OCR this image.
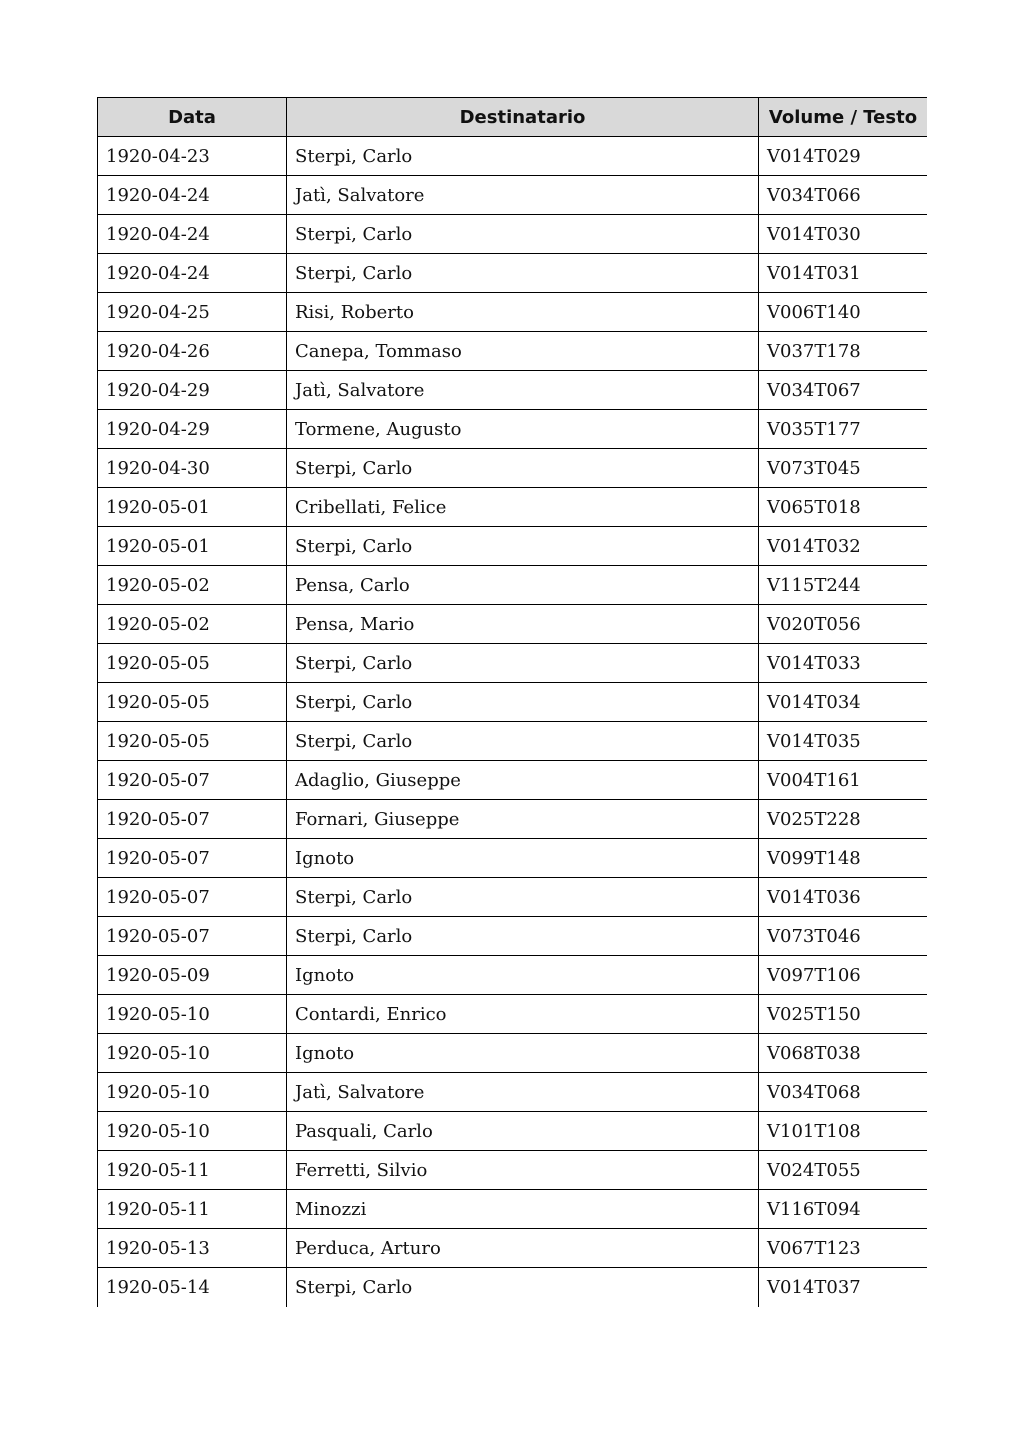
Data	Destinatario	Volume / Testo
1920-04-23	Sterpi, Carlo	V014T029
1920-04-24	Jatì, Salvatore	V034T066
1920-04-24	Sterpi, Carlo	V014T030
1920-04-24	Sterpi, Carlo	V014T031
1920-04-25	Risi, Roberto	V006T140
1920-04-26	Canepa, Tommaso	V037T178
1920-04-29	Jatì, Salvatore	V034T067
1920-04-29	Tormene, Augusto	V035T177
1920-04-30	Sterpi, Carlo	V073T045
1920-05-01	Cribellati, Felice	V065T018
1920-05-01	Sterpi, Carlo	V014T032
1920-05-02	Pensa, Carlo	V115T244
1920-05-02	Pensa, Mario	V020T056
1920-05-05	Sterpi, Carlo	V014T033
1920-05-05	Sterpi, Carlo	V014T034
1920-05-05	Sterpi, Carlo	V014T035
1920-05-07	Adaglio, Giuseppe	V004T161
1920-05-07	Fornari, Giuseppe	V025T228
1920-05-07	Ignoto	V099T148
1920-05-07	Sterpi, Carlo	V014T036
1920-05-07	Sterpi, Carlo	V073T046
1920-05-09	Ignoto	V097T106
1920-05-10	Contardi, Enrico	V025T150
1920-05-10	Ignoto	V068T038
1920-05-10	Jatì, Salvatore	V034T068
1920-05-10	Pasquali, Carlo	V101T108
1920-05-11	Ferretti, Silvio	V024T055
1920-05-11	Minozzi	V116T094
1920-05-13	Perduca, Arturo	V067T123
1920-05-14	Sterpi, Carlo	V014T037
